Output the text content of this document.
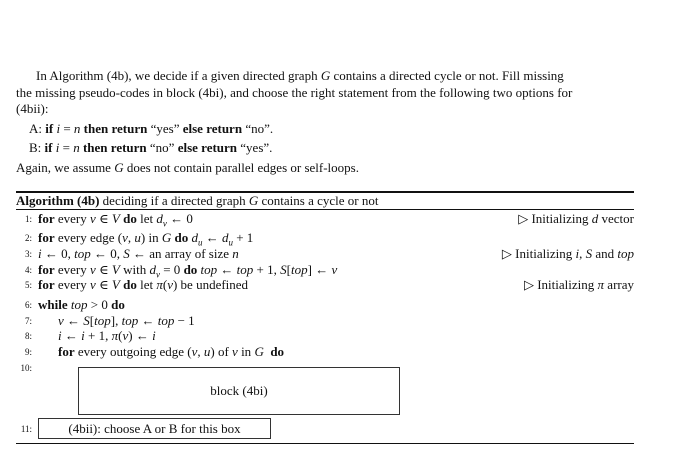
In Algorithm (4b), we decide if a given directed graph G contains a directed cycle or not. Fill missing
the missing pseudo-codes in block (4bi), and choose the right statement from the following two options for
(4bii):
A: if i = n then return “yes” else return “no”.
B: if i = n then return “no” else return “yes”.
Again, we assume G does not contain parallel edges or self-loops.
Algorithm (4b) deciding if a directed graph G contains a cycle or not
1: for every v ∈ V do let $d_v$ ← 0	▷ Initializing d vector
2: for every edge (v, u) in G do $d_u$ ← $d_u + 1$
3: i ← 0, top ← 0, S ← an array of size n	▷ Initializing i, S and top
4: for every v ∈ V with $d_v = 0$ do top ← top + 1, S[top] ← v
5: for every v ∈ V do let π(v) be undefined	▷ Initializing π array
6: while top > 0 do
7: v ← S[top], top ← top − 1
8: i ← i + 1, π(v) ← i
9: for every outgoing edge (v, u) of v in G do
10:
block (4bi)
11:	(4bii): choose A or B for this box
